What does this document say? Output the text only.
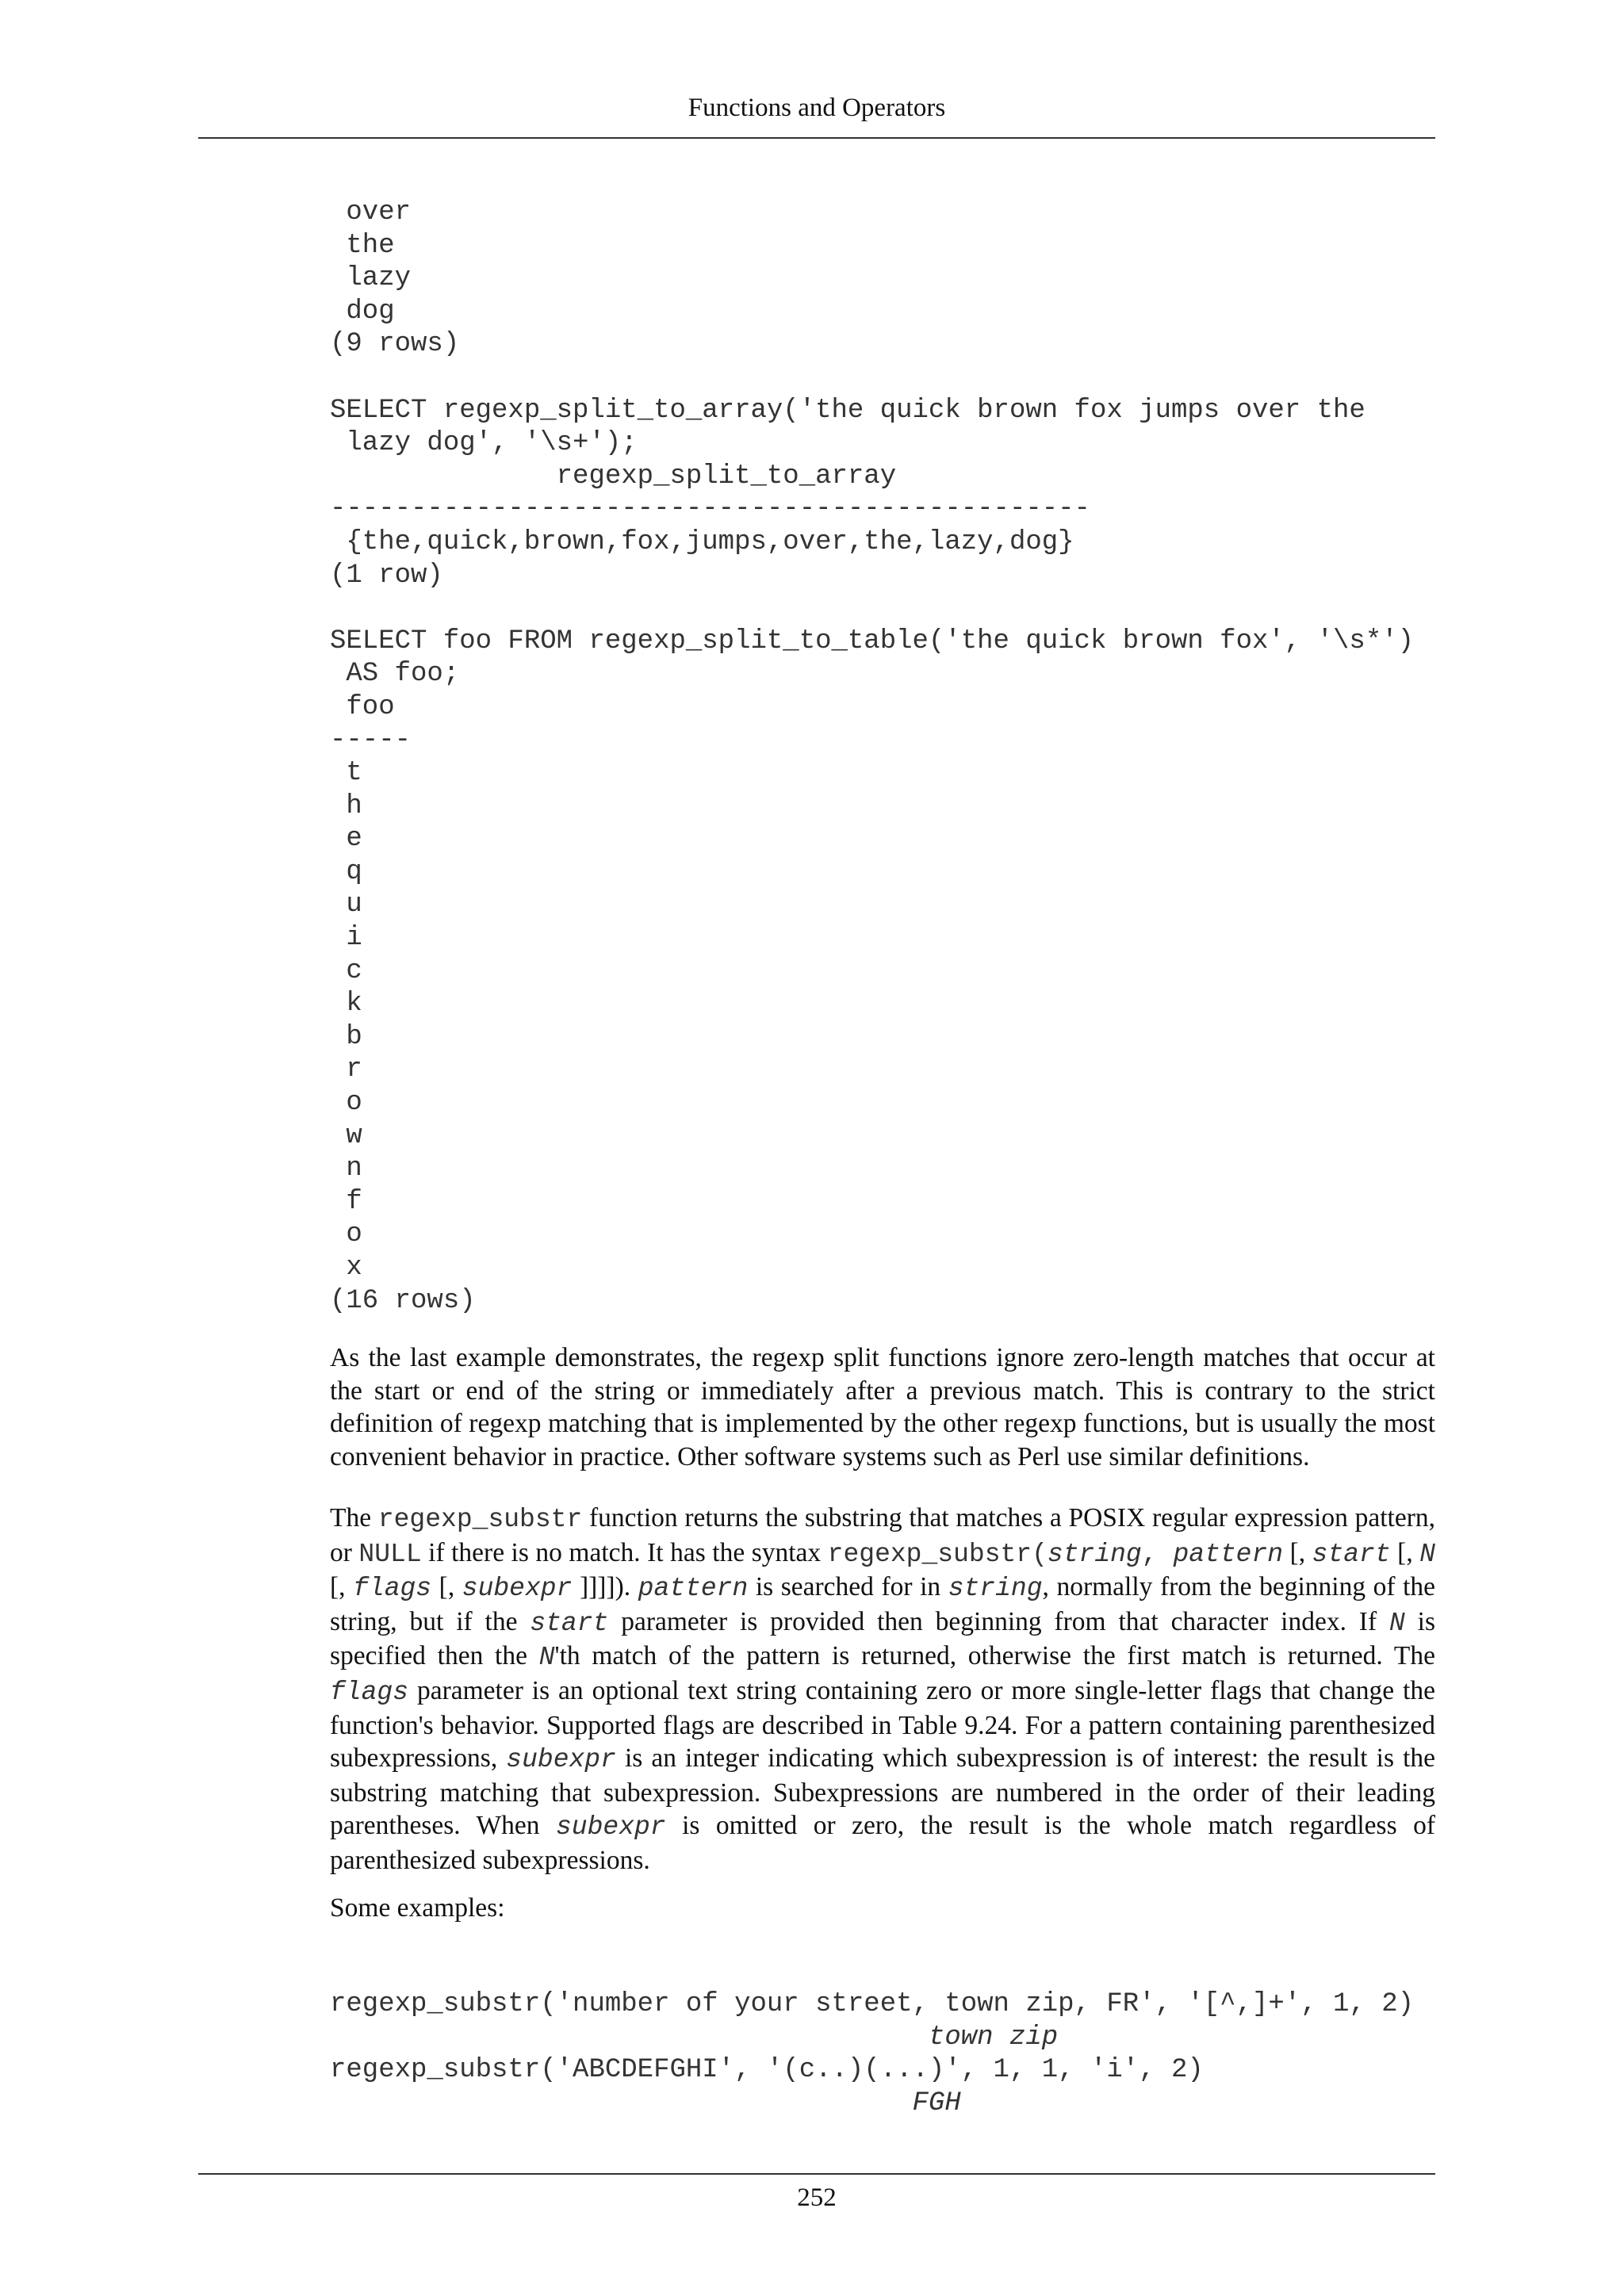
Functions and Operators
over
the
lazy
dog
(9 rows)
SELECT regexp_split_to_array('the quick brown fox jumps over the
lazy dog', '\s+');
regexp_split_to_array
-----------------------------------------------
{the,quick,brown,fox,jumps,over,the,lazy,dog}
(1 row)
SELECT foo FROM regexp_split_to_table('the quick brown fox', '\s*')
AS foo;
foo
-----
t
h
e
q
u
i
c
k
b
r
o
w
n
f
o
x
(16 rows)

As the last example demonstrates, the regexp split functions ignore zero-length matches that occur at the start or end of the string or immediately after a previous match. This is contrary to the strict definition of regexp matching that is implemented by the other regexp functions, but is usually the most convenient behavior in practice. Other software systems such as Perl use similar definitions.

The regexp_substr function returns the substring that matches a POSIX regular expression pattern, or NULL if there is no match. It has the syntax regexp_substr(string, pattern [, start [, N [, flags [, subexpr ]]]]). pattern is searched for in string, normally from the beginning of the string, but if the start parameter is provided then beginning from that character index. If N is specified then the N'th match of the pattern is returned, otherwise the first match is returned. The flags parameter is an optional text string containing zero or more single-letter flags that change the function's behavior. Supported flags are described in Table 9.24. For a pattern containing parenthesized subexpressions, subexpr is an integer indicating which subexpression is of interest: the result is the substring matching that subexpression. Subexpressions are numbered in the order of their leading parentheses. When subexpr is omitted or zero, the result is the whole match regardless of parenthesized subexpressions.

Some examples:

regexp_substr('number of your street, town zip, FR', '[^,]+', 1, 2)
town zip
regexp_substr('ABCDEFGHI', '(c..)(...)', 1, 1, 'i', 2)
FGH
252
